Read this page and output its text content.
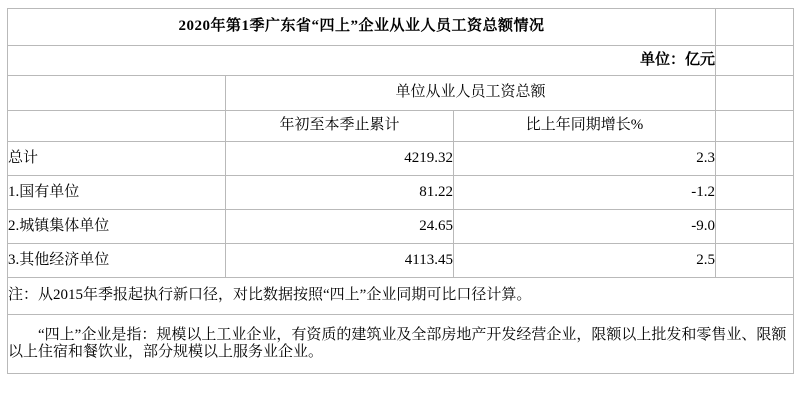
2020年第1季广东省“四上”企业从业人员工资总额情况			
单位：亿元			
	单位从业人员工资总额		
	年初至本季止累计	比上年同期增长%	
总计	4219.32	2.3	
1.国有单位	81.22	-1.2	
2.城镇集体单位	24.65	-9.0	
3.其他经济单位	4113.45	2.5	
注：从2015年季报起执行新口径，对比数据按照“四上”企业同期可比口径计算。			
　　“四上”企业是指：规模以上工业企业，有资质的建筑业及全部房地产开发经营企业，限额以上批发和零售业、限额以上住宿和餐饮业，部分规模以上服务业企业。			
